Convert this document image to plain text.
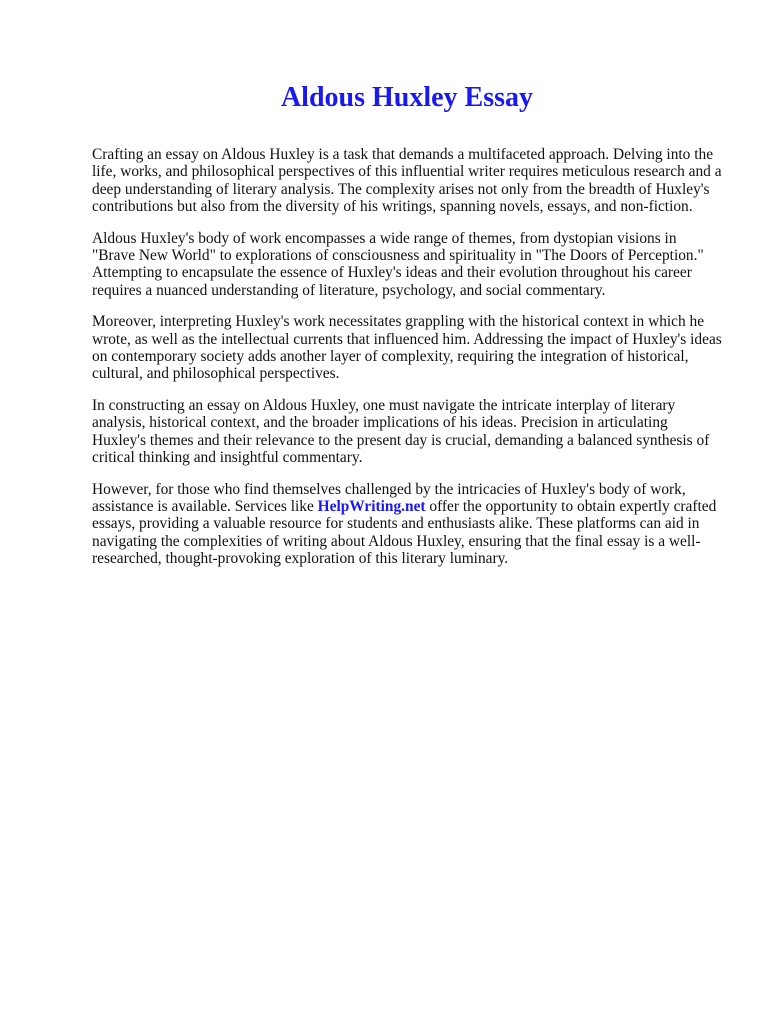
Aldous Huxley Essay

Crafting an essay on Aldous Huxley is a task that demands a multifaceted approach. Delving into the life, works, and philosophical perspectives of this influential writer requires meticulous research and a deep understanding of literary analysis. The complexity arises not only from the breadth of Huxley's contributions but also from the diversity of his writings, spanning novels, essays, and non-fiction.

Aldous Huxley's body of work encompasses a wide range of themes, from dystopian visions in "Brave New World" to explorations of consciousness and spirituality in "The Doors of Perception." Attempting to encapsulate the essence of Huxley's ideas and their evolution throughout his career requires a nuanced understanding of literature, psychology, and social commentary.

Moreover, interpreting Huxley's work necessitates grappling with the historical context in which he wrote, as well as the intellectual currents that influenced him. Addressing the impact of Huxley's ideas on contemporary society adds another layer of complexity, requiring the integration of historical, cultural, and philosophical perspectives.

In constructing an essay on Aldous Huxley, one must navigate the intricate interplay of literary analysis, historical context, and the broader implications of his ideas. Precision in articulating Huxley's themes and their relevance to the present day is crucial, demanding a balanced synthesis of critical thinking and insightful commentary.

However, for those who find themselves challenged by the intricacies of Huxley's body of work, assistance is available. Services like HelpWriting.net offer the opportunity to obtain expertly crafted essays, providing a valuable resource for students and enthusiasts alike. These platforms can aid in navigating the complexities of writing about Aldous Huxley, ensuring that the final essay is a well-researched, thought-provoking exploration of this literary luminary.
